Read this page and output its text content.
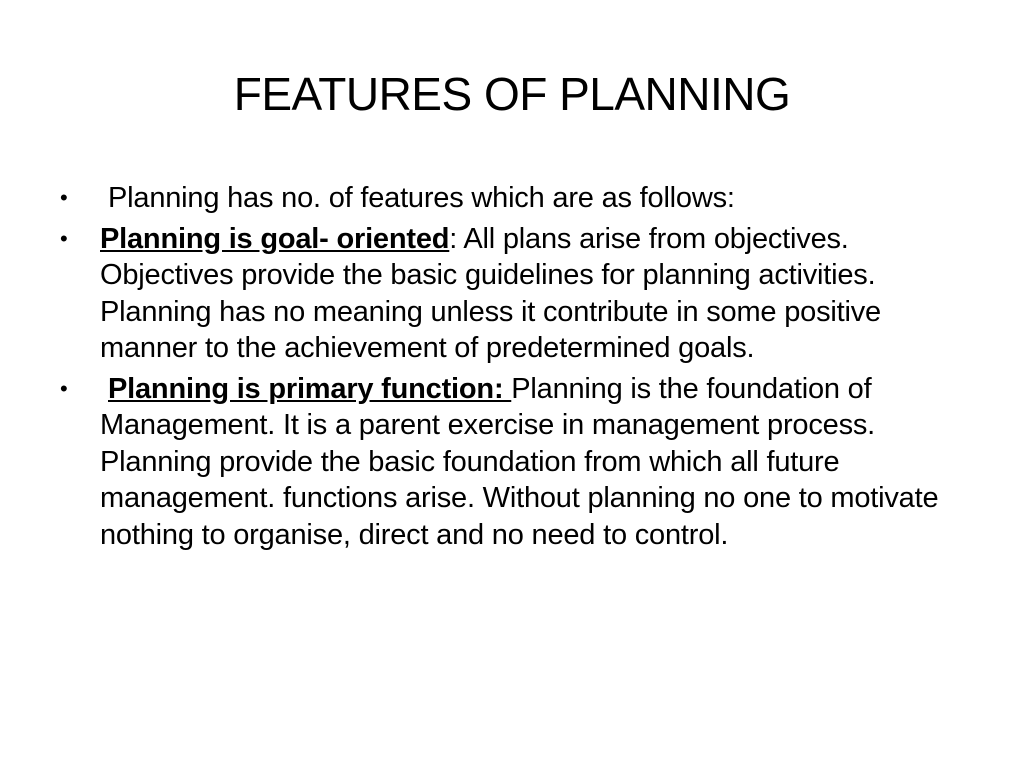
FEATURES OF PLANNING
• Planning has no. of features which are as follows:
• Planning is goal- oriented: All plans arise from objectives. Objectives provide the basic guidelines for planning activities. Planning has no meaning unless it contribute in some positive manner to the achievement of predetermined goals.
• Planning is primary function: Planning is the foundation of Management. It is a parent exercise in management process. Planning provide the basic foundation from which all future management. functions arise. Without planning no one to motivate nothing to organise, direct and no need to control.
